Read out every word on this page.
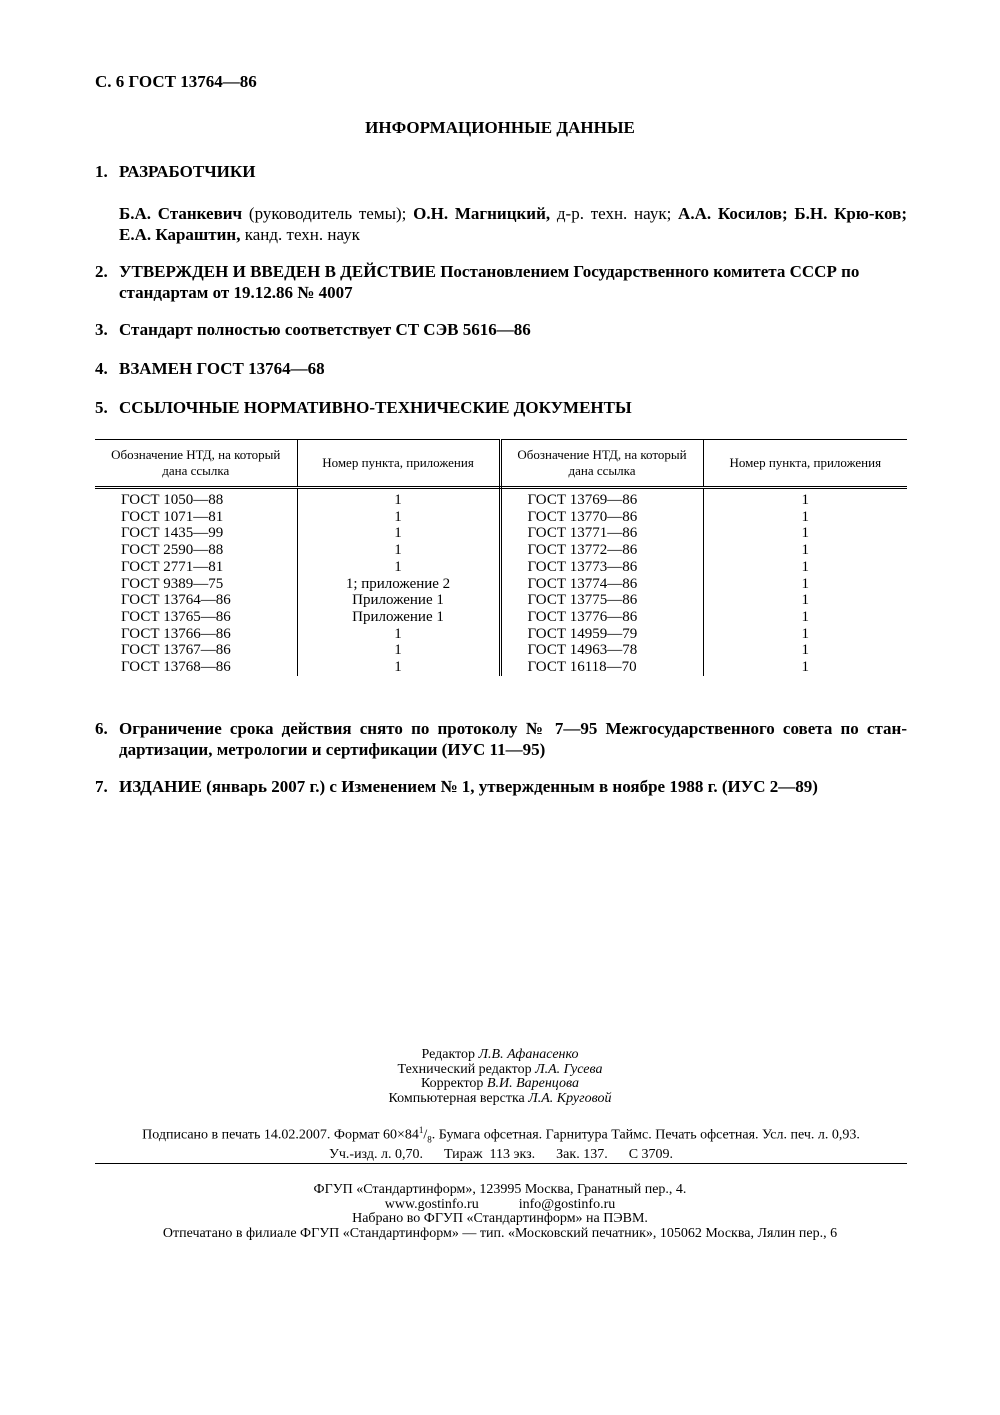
С. 6 ГОСТ 13764—86
ИНФОРМАЦИОННЫЕ ДАННЫЕ
1. РАЗРАБОТЧИКИ
Б.А. Станкевич (руководитель темы); О.Н. Магницкий, д-р. техн. наук; А.А. Косилов; Б.Н. Крю-ков; Е.А. Караштин, канд. техн. наук
2. УТВЕРЖДЕН И ВВЕДЕН В ДЕЙСТВИЕ Постановлением Государственного комитета СССР по стандартам от 19.12.86 № 4007
3. Стандарт полностью соответствует СТ СЭВ 5616—86
4. ВЗАМЕН ГОСТ 13764—68
5. ССЫЛОЧНЫЕ НОРМАТИВНО-ТЕХНИЧЕСКИЕ ДОКУМЕНТЫ
Обозначение НТД, на который дана ссылка	Номер пункта, приложения	Обозначение НТД, на который дана ссылка	Номер пункта, приложения
ГОСТ 1050—88	1	ГОСТ 13769—86	1
ГОСТ 1071—81	1	ГОСТ 13770—86	1
ГОСТ 1435—99	1	ГОСТ 13771—86	1
ГОСТ 2590—88	1	ГОСТ 13772—86	1
ГОСТ 2771—81	1	ГОСТ 13773—86	1
ГОСТ 9389—75	1; приложение 2	ГОСТ 13774—86	1
ГОСТ 13764—86	Приложение 1	ГОСТ 13775—86	1
ГОСТ 13765—86	Приложение 1	ГОСТ 13776—86	1
ГОСТ 13766—86	1	ГОСТ 14959—79	1
ГОСТ 13767—86	1	ГОСТ 14963—78	1
ГОСТ 13768—86	1	ГОСТ 16118—70	1
6. Ограничение срока действия снято по протоколу № 7—95 Межгосударственного совета по стан-дартизации, метрологии и сертификации (ИУС 11—95)
7. ИЗДАНИЕ (январь 2007 г.) с Изменением № 1, утвержденным в ноябре 1988 г. (ИУС 2—89)
Редактор Л.В. Афанасенко
Технический редактор Л.А. Гусева
Корректор В.И. Варенцова
Компьютерная верстка Л.А. Круговой
Подписано в печать 14.02.2007. Формат $60\times 84^1/_8$. Бумага офсетная. Гарнитура Таймс. Печать офсетная. Усл. печ. л. 0,93.
Уч.-изд. л. 0,70.      Тираж  113 экз.      Зак. 137.      С 3709.
ФГУП «Стандартинформ», 123995 Москва, Гранатный пер., 4.
www.gostinfo.ru	info@gostinfo.ru
Набрано во ФГУП «Стандартинформ» на ПЭВМ.
Отпечатано в филиале ФГУП «Стандартинформ» — тип. «Московский печатник», 105062 Москва, Лялин пер., 6
